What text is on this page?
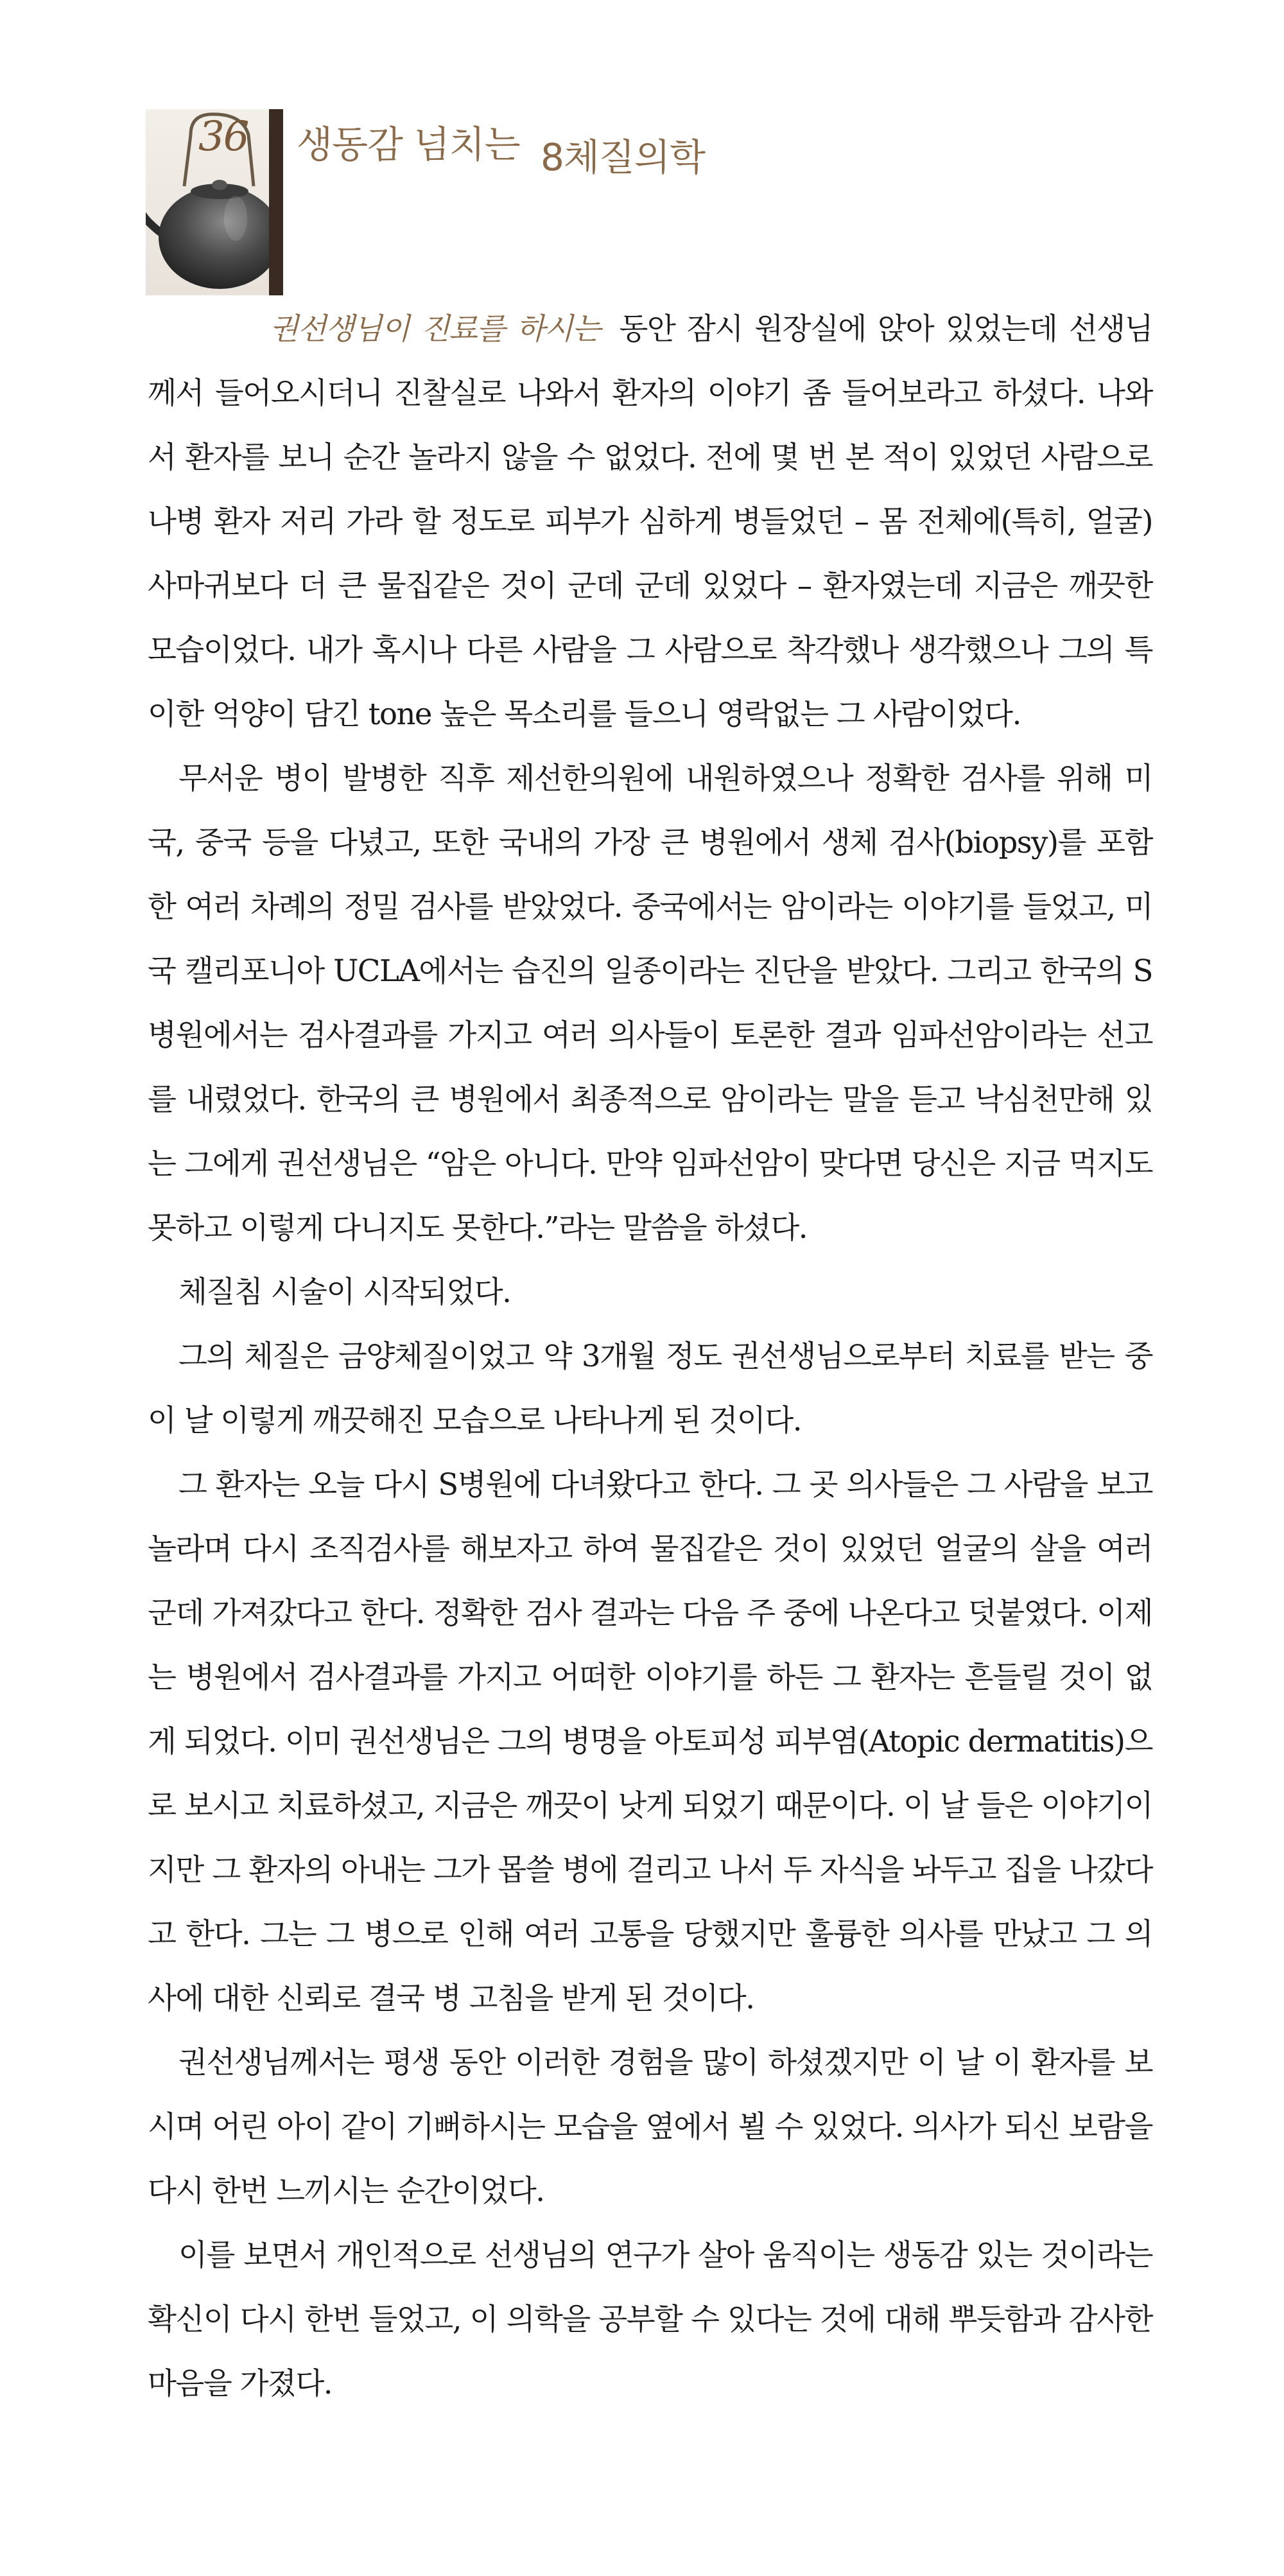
36 생동감 넘치는 8체질의학

권선생님이 진료를 하시는 동안 잠시 원장실에 앉아 있었는데 선생님께서 들어오시더니 진찰실로 나와서 환자의 이야기 좀 들어보라고 하셨다. 나와서 환자를 보니 순간 놀라지 않을 수 없었다. 전에 몇 번 본 적이 있었던 사람으로 나병 환자 저리 가라 할 정도로 피부가 심하게 병들었던 – 몸 전체에(특히, 얼굴) 사마귀보다 더 큰 물집같은 것이 군데 군데 있었다 – 환자였는데 지금은 깨끗한 모습이었다. 내가 혹시나 다른 사람을 그 사람으로 착각했나 생각했으나 그의 특이한 억양이 담긴 tone 높은 목소리를 들으니 영락없는 그 사람이었다.

무서운 병이 발병한 직후 제선한의원에 내원하였으나 정확한 검사를 위해 미국, 중국 등을 다녔고, 또한 국내의 가장 큰 병원에서 생체 검사(biopsy)를 포함한 여러 차례의 정밀 검사를 받았었다. 중국에서는 암이라는 이야기를 들었고, 미국 캘리포니아 UCLA에서는 습진의 일종이라는 진단을 받았다. 그리고 한국의 S병원에서는 검사결과를 가지고 여러 의사들이 토론한 결과 임파선암이라는 선고를 내렸었다. 한국의 큰 병원에서 최종적으로 암이라는 말을 듣고 낙심천만해 있는 그에게 권선생님은 “암은 아니다. 만약 임파선암이 맞다면 당신은 지금 먹지도 못하고 이렇게 다니지도 못한다.”라는 말씀을 하셨다.

체질침 시술이 시작되었다.

그의 체질은 금양체질이었고 약 3개월 정도 권선생님으로부터 치료를 받는 중 이 날 이렇게 깨끗해진 모습으로 나타나게 된 것이다.

그 환자는 오늘 다시 S병원에 다녀왔다고 한다. 그 곳 의사들은 그 사람을 보고 놀라며 다시 조직검사를 해보자고 하여 물집같은 것이 있었던 얼굴의 살을 여러군데 가져갔다고 한다. 정확한 검사 결과는 다음 주 중에 나온다고 덧붙였다. 이제는 병원에서 검사결과를 가지고 어떠한 이야기를 하든 그 환자는 흔들릴 것이 없게 되었다. 이미 권선생님은 그의 병명을 아토피성 피부염(Atopic dermatitis)으로 보시고 치료하셨고, 지금은 깨끗이 낫게 되었기 때문이다. 이 날 들은 이야기이지만 그 환자의 아내는 그가 몹쓸 병에 걸리고 나서 두 자식을 놔두고 집을 나갔다고 한다. 그는 그 병으로 인해 여러 고통을 당했지만 훌륭한 의사를 만났고 그 의사에 대한 신뢰로 결국 병 고침을 받게 된 것이다.

권선생님께서는 평생 동안 이러한 경험을 많이 하셨겠지만 이 날 이 환자를 보시며 어린 아이 같이 기뻐하시는 모습을 옆에서 뵐 수 있었다. 의사가 되신 보람을 다시 한번 느끼시는 순간이었다.

이를 보면서 개인적으로 선생님의 연구가 살아 움직이는 생동감 있는 것이라는 확신이 다시 한번 들었고, 이 의학을 공부할 수 있다는 것에 대해 뿌듯함과 감사한 마음을 가졌다.
